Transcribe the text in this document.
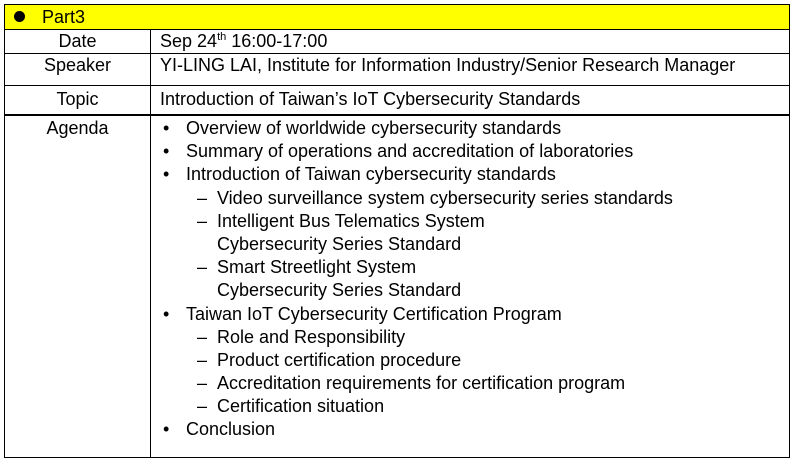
Part3
Date	Sep 24th 16:00-17:00
Speaker	YI-LING LAI, Institute for Information Industry/Senior Research Manager
Topic	Introduction of Taiwan’s IoT Cybersecurity Standards
Agenda	• Overview of worldwide cybersecurity standards
• Summary of operations and accreditation of laboratories
• Introduction of Taiwan cybersecurity standards
– Video surveillance system cybersecurity series standards
– Intelligent Bus Telematics System
Cybersecurity Series Standard
– Smart Streetlight System
Cybersecurity Series Standard
• Taiwan IoT Cybersecurity Certification Program
– Role and Responsibility
– Product certification procedure
– Accreditation requirements for certification program
– Certification situation
• Conclusion
